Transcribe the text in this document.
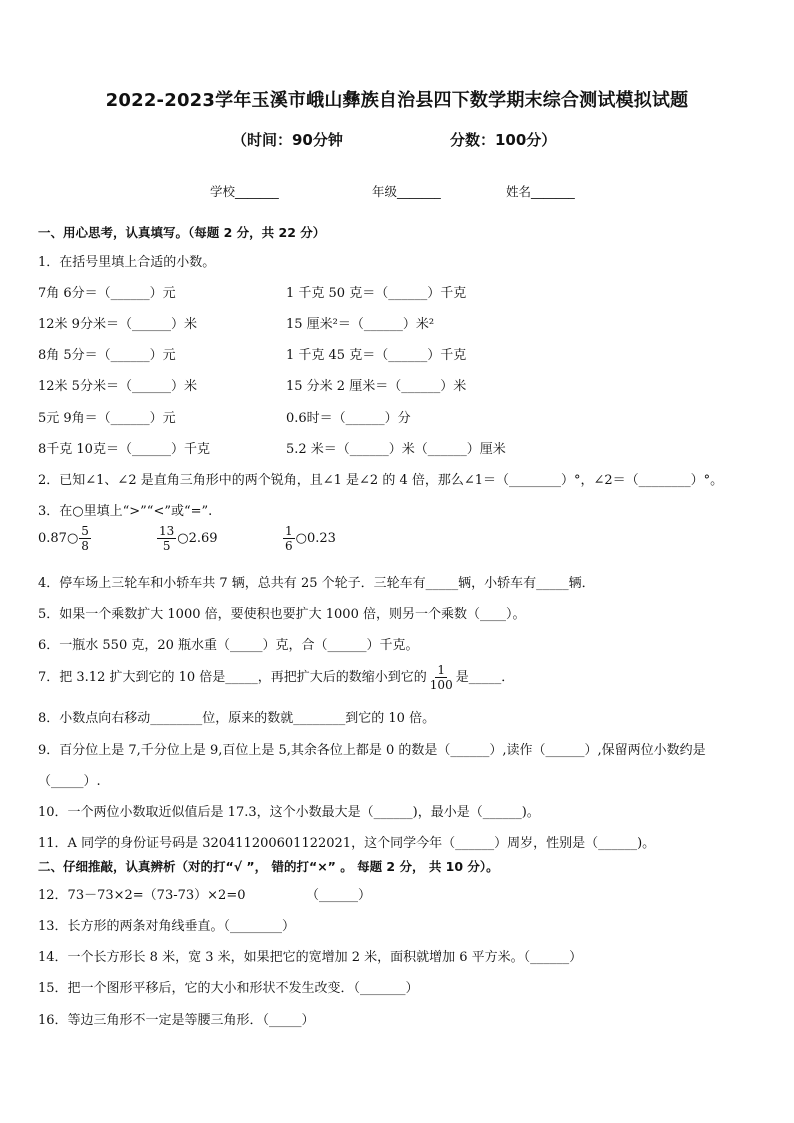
2022-2023学年玉溪市峨山彝族自治县四下数学期末综合测试模拟试题
（时间：90分钟	分数：100分）
学校_______	年级_______	姓名_______
一、用心思考，认真填写。（每题 2 分，共 22 分）
1．在括号里填上合适的小数。
7角 6分＝（______）元	1 千克 50 克＝（______）千克
12米 9分米＝（______）米	15 厘米²＝（______）米²
8角 5分＝（______）元	1 千克 45 克＝（______）千克
12米 5分米＝（______）米	15 分米 2 厘米＝（______）米
5元 9角＝（______）元	0.6时＝（______）分
8千克 10克＝（______）千克	5.2 米＝（______）米（______）厘米
2．已知∠1、∠2 是直角三角形中的两个锐角，且∠1 是∠2 的 4 倍，那么∠1＝（________）°，∠2＝（________）°。
3．在○里填上“>”“<”或“=”.
0.87○ $\frac{5}{8}$	$\frac{13}{5}$ ○2.69	$\frac{1}{6}$ ○0.23
4．停车场上三轮车和小轿车共 7 辆，总共有 25 个轮子．三轮车有_____辆，小轿车有_____辆．
5．如果一个乘数扩大 1000 倍，要使积也要扩大 1000 倍，则另一个乘数（____）。
6．一瓶水 550 克，20 瓶水重（_____）克，合（______）千克。
7．把 3.12 扩大到它的 10 倍是_____，再把扩大后的数缩小到它的 $\frac{1}{100}$ 是_____．
8．小数点向右移动________位，原来的数就________到它的 10 倍。
9．百分位上是 7,千分位上是 9,百位上是 5,其余各位上都是 0 的数是（______）,读作（______）,保留两位小数约是
（_____）.
10．一个两位小数取近似值后是 17.3，这个小数最大是（______)，最小是（______)。
11．A 同学的身份证号码是 320411200601122021，这个同学今年（______）周岁，性别是（______)。
二、仔细推敲，认真辨析（对的打“√ ”， 错的打“×” 。 每题 2 分， 共 10 分）。
12．73－73×2=（73-73）×2=0	（______）
13．长方形的两条对角线垂直。（________）
14．一个长方形长 8 米，宽 3 米，如果把它的宽增加 2 米，面积就增加 6 平方米。（______）
15．把一个图形平移后，它的大小和形状不发生改变．（_______）
16．等边三角形不一定是等腰三角形．（_____）
